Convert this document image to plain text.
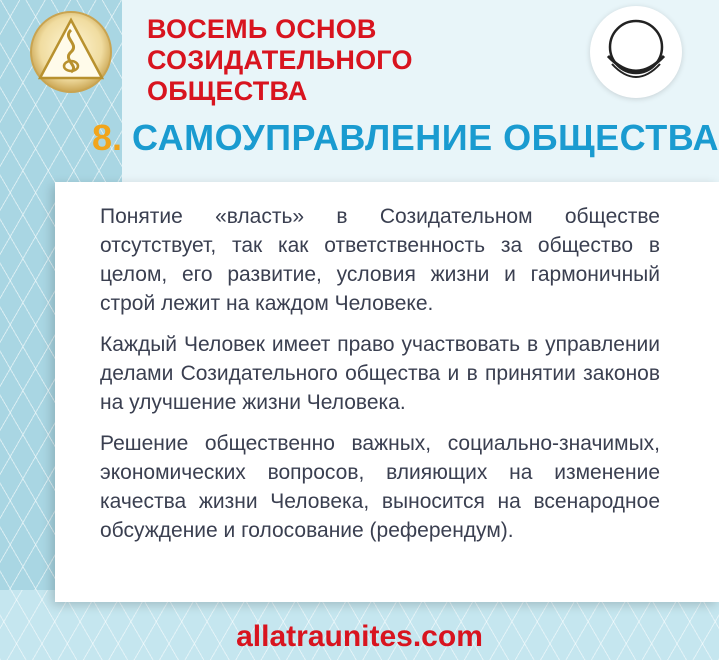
ВОСЕМЬ ОСНОВ
СОЗИДАТЕЛЬНОГО ОБЩЕСТВА
8. САМОУПРАВЛЕНИЕ ОБЩЕСТВА

Понятие «власть» в Созидательном обществе отсутствует, так как ответственность за общество в целом, его развитие, условия жизни и гармоничный строй лежит на каждом Человеке.

Каждый Человек имеет право участвовать в управлении делами Созидательного общества и в принятии законов на улучшение жизни Человека.

Решение общественно важных, социально-значимых, экономических вопросов, влияющих на изменение качества жизни Человека, выносится на всенародное обсуждение и голосование (референдум).

allatraunites.com
